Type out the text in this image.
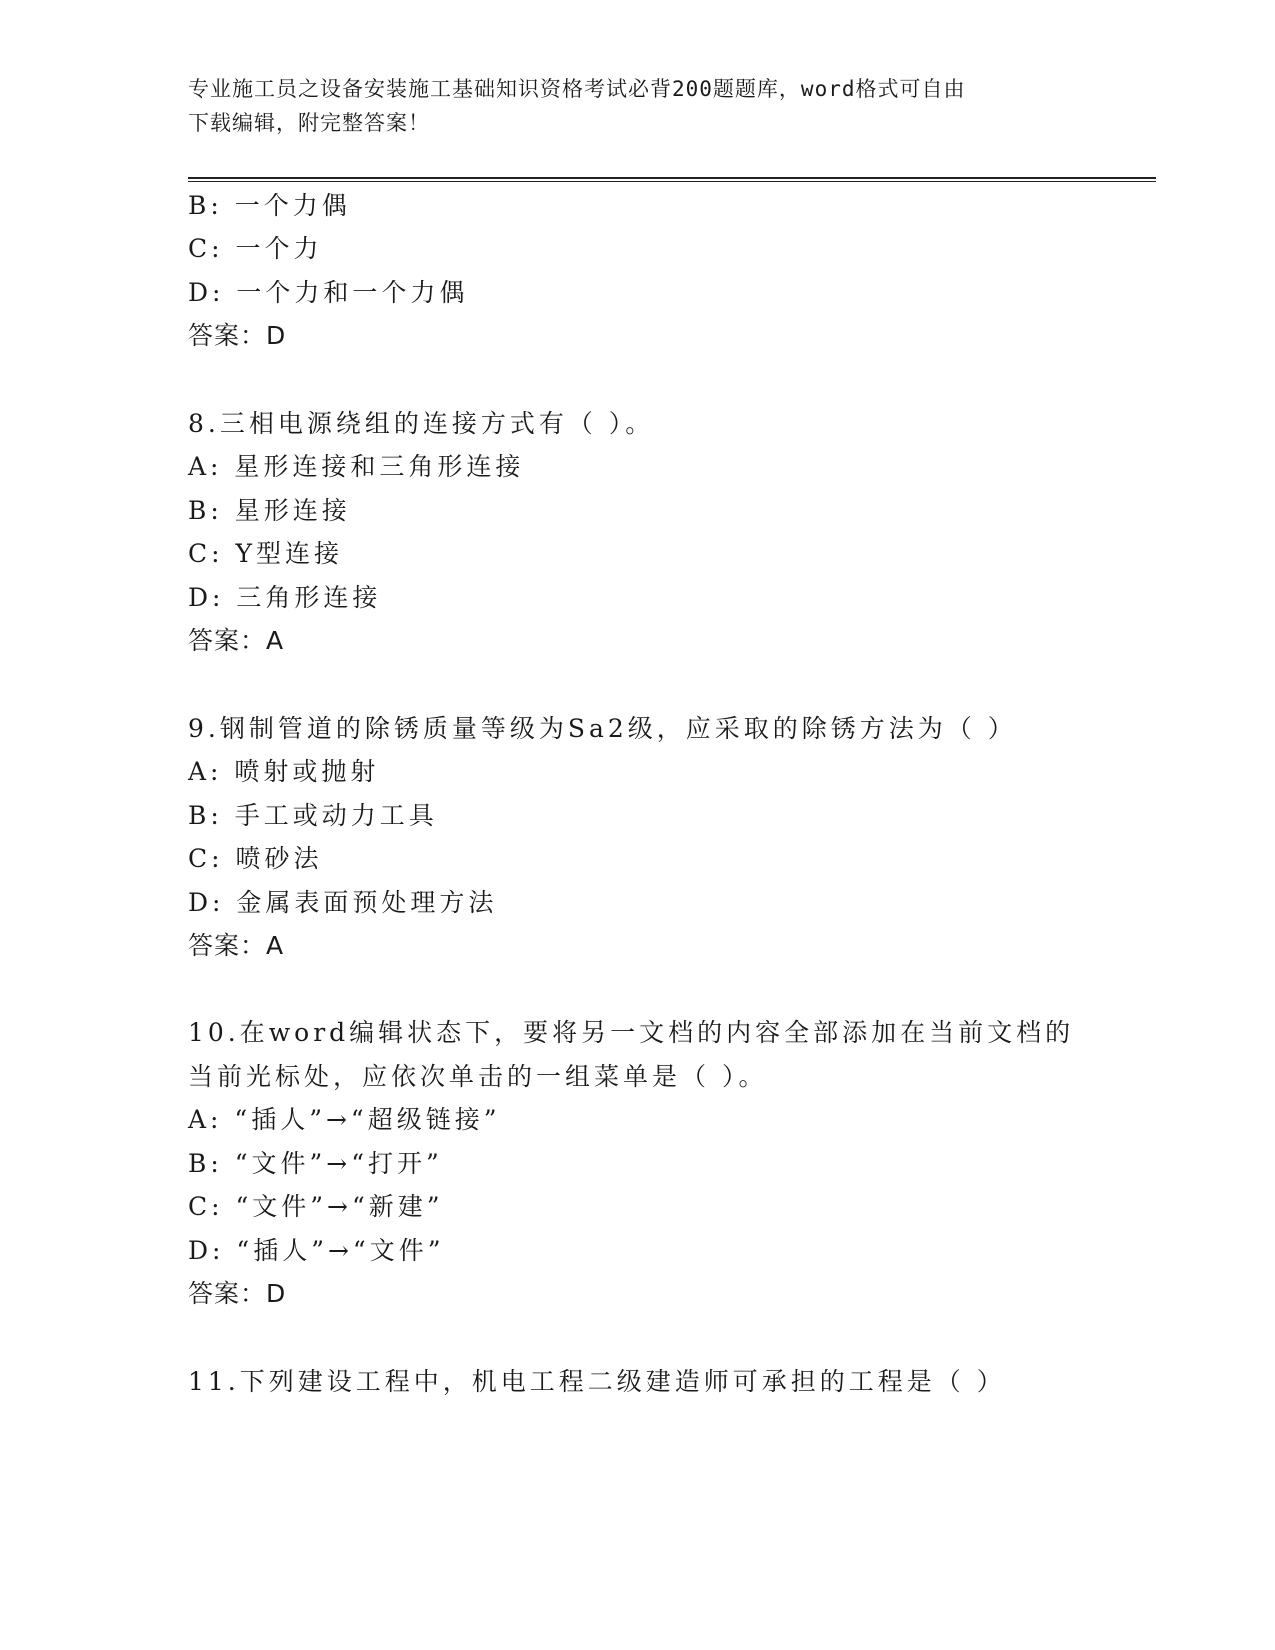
专业施工员之设备安装施工基础知识资格考试必背200题题库，word格式可自由
下载编辑，附完整答案！
B: 一个力偶
C: 一个力
D: 一个力和一个力偶
答案：D
8.三相电源绕组的连接方式有（ ）。
A: 星形连接和三角形连接
B: 星形连接
C: Y型连接
D: 三角形连接
答案：A
9.钢制管道的除锈质量等级为Sa2级，应采取的除锈方法为（ ）
A: 喷射或抛射
B: 手工或动力工具
C: 喷砂法
D: 金属表面预处理方法
答案：A
10.在word编辑状态下，要将另一文档的内容全部添加在当前文档的
当前光标处，应依次单击的一组菜单是（ ）。
A: “插人”→“超级链接”
B: “文件”→“打开”
C: “文件”→“新建”
D: “插人”→“文件”
答案：D
11.下列建设工程中，机电工程二级建造师可承担的工程是（ ）
